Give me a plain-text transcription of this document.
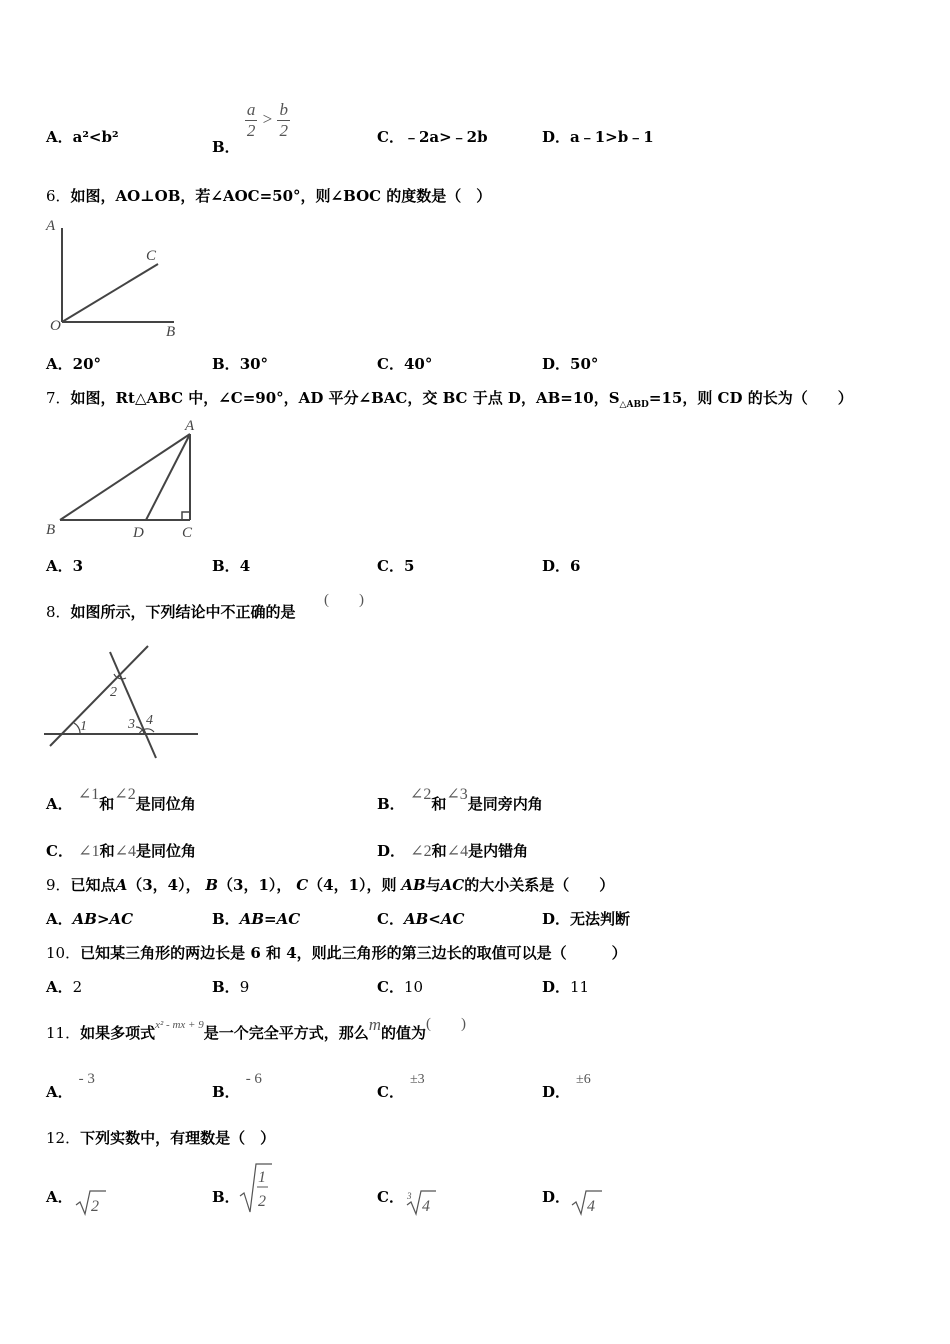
A．a²<b²
B．
$\frac{a}{2} > \frac{b}{2}$	C．﹣2a>﹣2b	D．a﹣1>b﹣1
6．如图，AO⊥OB，若∠AOC=50°，则∠BOC 的度数是（　）
A
C
O	B
A．20°	B．30°	C．40°	D．50°
7．如图，Rt△ABC 中，∠C=90°，AD 平分∠BAC，交 BC 于点 D，AB=10，$S_{\triangle ABD}=15$，则 CD 的长为（　　）
A
B	D	C
A．3	B．4	C．5	D．6
8．如图所示，下列结论中不正确的是
(　　)
1
2
3 4
A． ∠1和∠2是同位角	B． ∠2和∠3是同旁内角
C． ∠1和∠4是同位角	D． ∠2和∠4是内错角
9．已知点A（3，4）， B（3，1）， C（4，1），则 AB与AC的大小关系是（　　）
A．AB>AC	B．AB=AC	C．AB<AC	D．无法判断
10．已知某三角形的两边长是 6 和 4，则此三角形的第三边长的取值可以是（　　　）
A．2	B．9	C．10	D．11
11．如果多项式$^{x^2 - mx + 9}$是一个完全平方式，那么m的值为(　　)
A．- 3
B．- 6
C．±3
D．±6
12．下列实数中，有理数是（　）
A．
2
B．
1
2	C． 3
4
D．
4
